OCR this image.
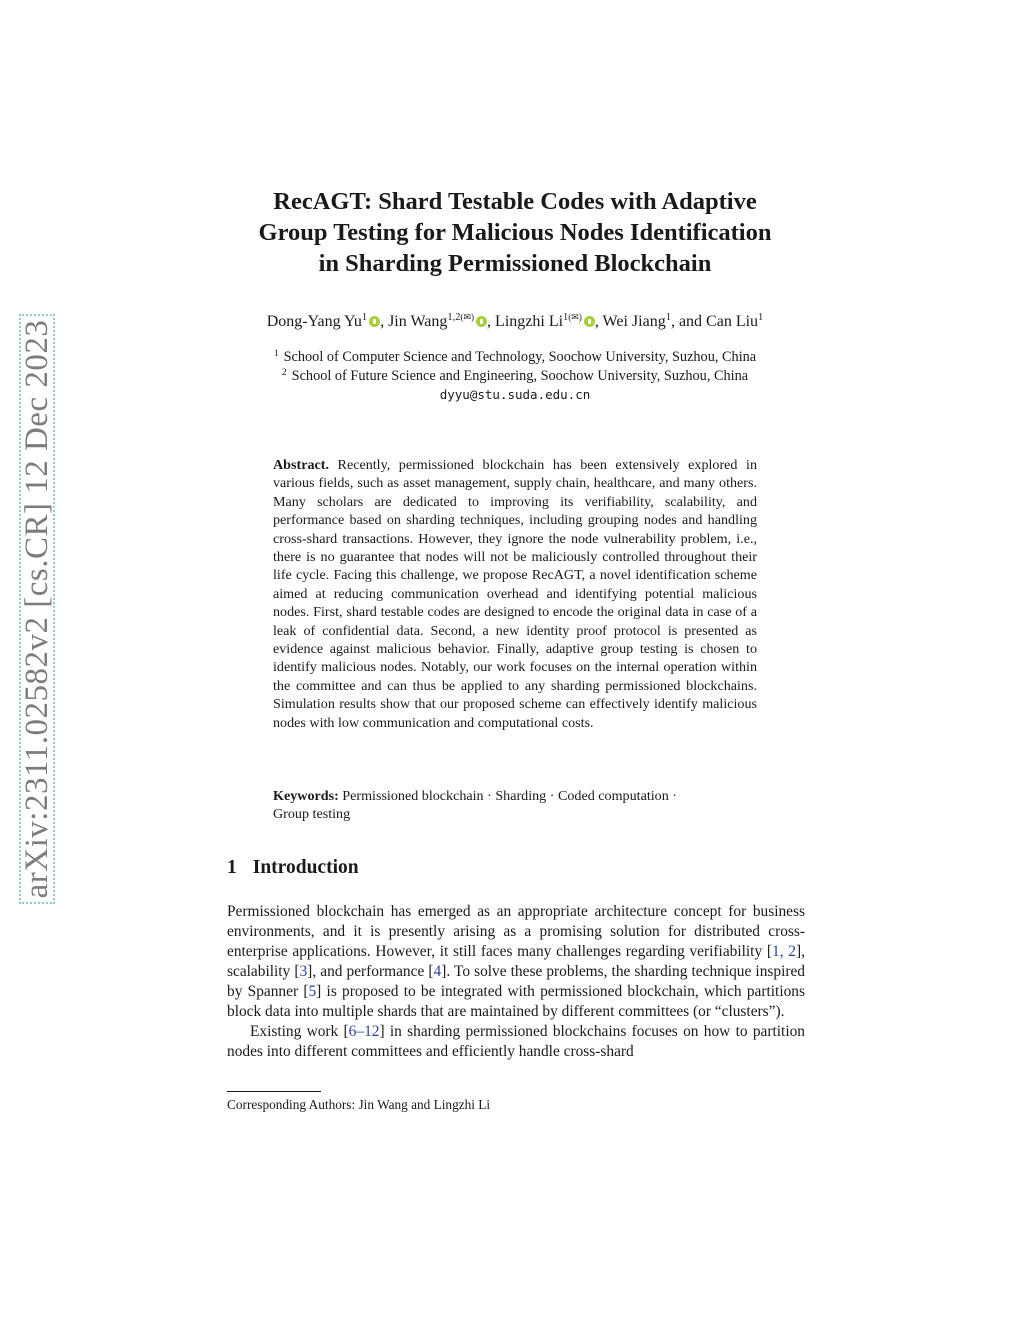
arXiv:2311.02582v2 [cs.CR] 12 Dec 2023
RecAGT: Shard Testable Codes with Adaptive
Group Testing for Malicious Nodes Identification
in Sharding Permissioned Blockchain
Dong-Yang Yu$^1$ , Jin Wang$^{1,2}$(✉) , Lingzhi Li$^1$(✉) , Wei Jiang$^1$, and Can Liu$^1$
$^1$ School of Computer Science and Technology, Soochow University, Suzhou, China
$^2$ School of Future Science and Engineering, Soochow University, Suzhou, China
dyyu@stu.suda.edu.cn
Abstract. Recently, permissioned blockchain has been extensively explored in various fields, such as asset management, supply chain, healthcare, and many others. Many scholars are dedicated to improving its verifiability, scalability, and performance based on sharding techniques, including grouping nodes and handling cross-shard transactions. However, they ignore the node vulnerability problem, i.e., there is no guarantee that nodes will not be maliciously controlled throughout their life cycle. Facing this challenge, we propose RecAGT, a novel identification scheme aimed at reducing communication overhead and identifying potential malicious nodes. First, shard testable codes are designed to encode the original data in case of a leak of confidential data. Second, a new identity proof protocol is presented as evidence against malicious behavior. Finally, adaptive group testing is chosen to identify malicious nodes. Notably, our work focuses on the internal operation within the committee and can thus be applied to any sharding permissioned blockchains. Simulation results show that our proposed scheme can effectively identify malicious nodes with low communication and computational costs.
Keywords: Permissioned blockchain · Sharding · Coded computation ·
Group testing
1 Introduction

Permissioned blockchain has emerged as an appropriate architecture concept for business environments, and it is presently arising as a promising solution for distributed cross-enterprise applications. However, it still faces many challenges regarding verifiability [1, 2], scalability [3], and performance [4]. To solve these problems, the sharding technique inspired by Spanner [5] is proposed to be integrated with permissioned blockchain, which partitions block data into multiple shards that are maintained by different committees (or “clusters”).

Existing work [6–12] in sharding permissioned blockchains focuses on how to partition nodes into different committees and efficiently handle cross-shard

Corresponding Authors: Jin Wang and Lingzhi Li
